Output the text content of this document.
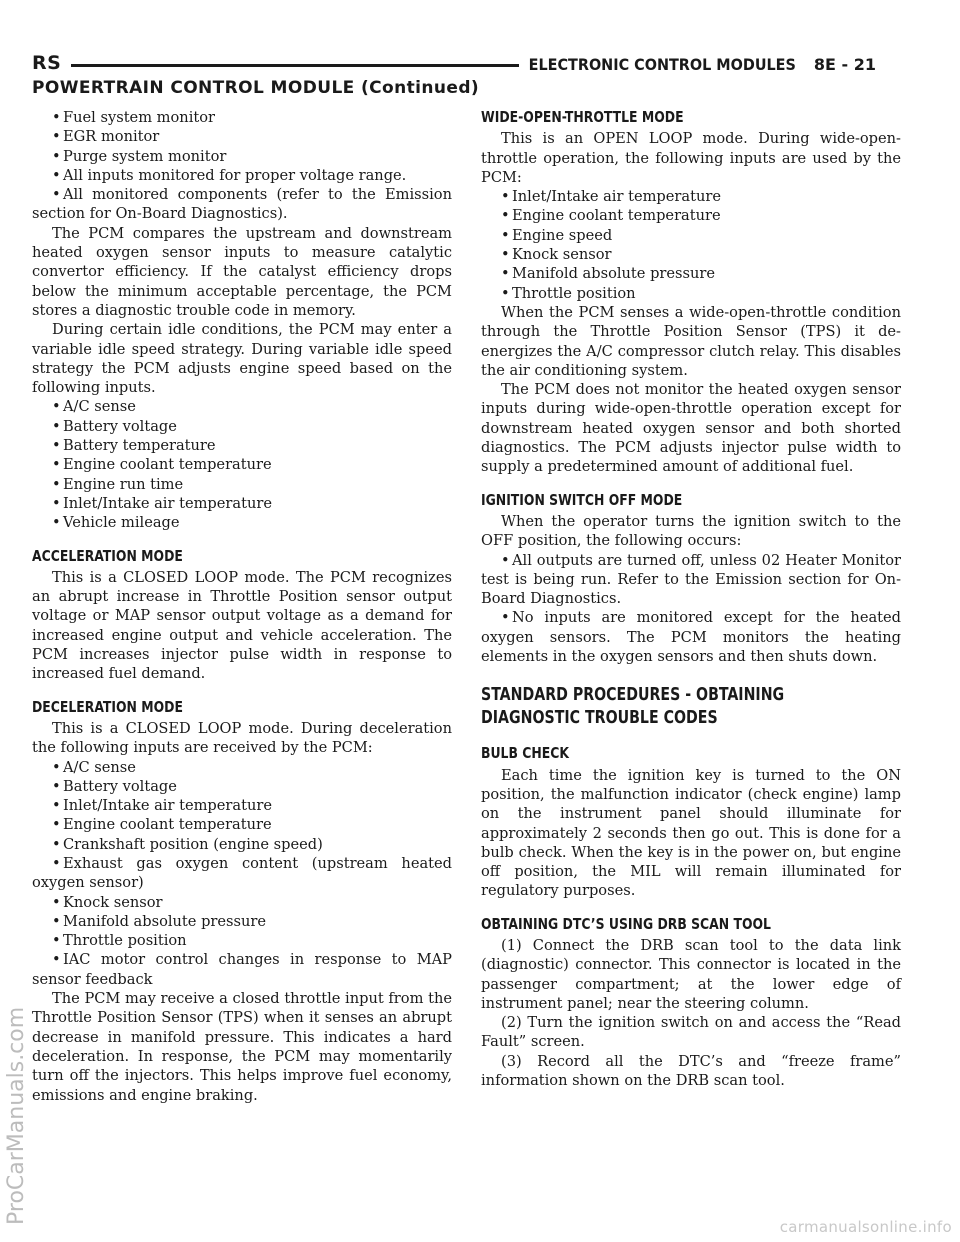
RS	ELECTRONIC CONTROL MODULES 8E - 21
POWERTRAIN CONTROL MODULE (Continued)
• Fuel system monitor
• EGR monitor
• Purge system monitor
• All inputs monitored for proper voltage range.

• All monitored components (refer to the Emission section for On-Board Diagnostics).

The PCM compares the upstream and downstream heated oxygen sensor inputs to measure catalytic convertor efficiency. If the catalyst efficiency drops below the minimum acceptable percentage, the PCM stores a diagnostic trouble code in memory.

During certain idle conditions, the PCM may enter a variable idle speed strategy. During variable idle speed strategy the PCM adjusts engine speed based on the following inputs.

• A/C sense
• Battery voltage
• Battery temperature
• Engine coolant temperature
• Engine run time
• Inlet/Intake air temperature
• Vehicle mileage
ACCELERATION MODE

This is a CLOSED LOOP mode. The PCM recognizes an abrupt increase in Throttle Position sensor output voltage or MAP sensor output voltage as a demand for increased engine output and vehicle acceleration. The PCM increases injector pulse width in response to increased fuel demand.

DECELERATION MODE

This is a CLOSED LOOP mode. During deceleration the following inputs are received by the PCM:

• A/C sense
• Battery voltage
• Inlet/Intake air temperature
• Engine coolant temperature
• Crankshaft position (engine speed)

• Exhaust gas oxygen content (upstream heated oxygen sensor)

• Knock sensor
• Manifold absolute pressure
• Throttle position

• IAC motor control changes in response to MAP sensor feedback

The PCM may receive a closed throttle input from the Throttle Position Sensor (TPS) when it senses an abrupt decrease in manifold pressure. This indicates a hard deceleration. In response, the PCM may momentarily turn off the injectors. This helps improve fuel economy, emissions and engine braking.

WIDE-OPEN-THROTTLE MODE

This is an OPEN LOOP mode. During wide-open-throttle operation, the following inputs are used by the PCM:

• Inlet/Intake air temperature
• Engine coolant temperature
• Engine speed
• Knock sensor
• Manifold absolute pressure
• Throttle position

When the PCM senses a wide-open-throttle condition through the Throttle Position Sensor (TPS) it de-energizes the A/C compressor clutch relay. This disables the air conditioning system.

The PCM does not monitor the heated oxygen sensor inputs during wide-open-throttle operation except for downstream heated oxygen sensor and both shorted diagnostics. The PCM adjusts injector pulse width to supply a predetermined amount of additional fuel.

IGNITION SWITCH OFF MODE

When the operator turns the ignition switch to the OFF position, the following occurs:

• All outputs are turned off, unless 02 Heater Monitor test is being run. Refer to the Emission section for On-Board Diagnostics.

• No inputs are monitored except for the heated oxygen sensors. The PCM monitors the heating elements in the oxygen sensors and then shuts down.

STANDARD PROCEDURES - OBTAINING
DIAGNOSTIC TROUBLE CODES
BULB CHECK

Each time the ignition key is turned to the ON position, the malfunction indicator (check engine) lamp on the instrument panel should illuminate for approximately 2 seconds then go out. This is done for a bulb check. When the key is in the power on, but engine off position, the MIL will remain illuminated for regulatory purposes.

OBTAINING DTC’S USING DRB SCAN TOOL

(1) Connect the DRB scan tool to the data link (diagnostic) connector. This connector is located in the passenger compartment; at the lower edge of instrument panel; near the steering column.

(2) Turn the ignition switch on and access the “Read Fault” screen.

(3) Record all the DTC’s and “freeze frame” information shown on the DRB scan tool.

ProCarManuals.com
carmanualsonline.info
